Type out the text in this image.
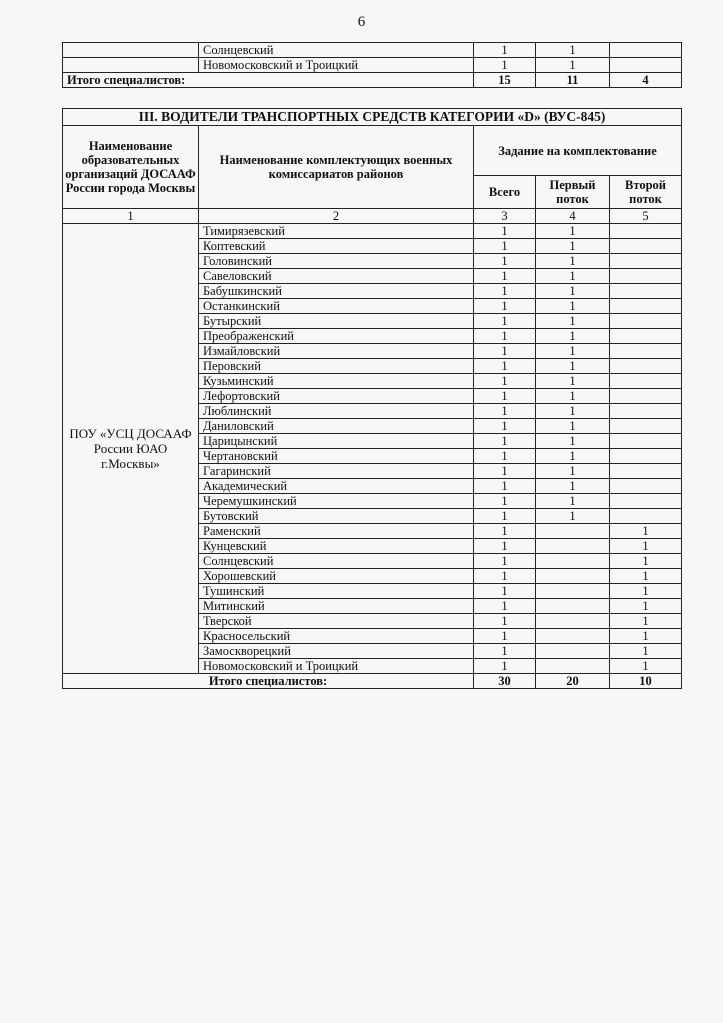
6
	Солнцевский	1	1	
	Новомосковский и Троицкий	1	1	
Итого специалистов:		15	11	4
III. ВОДИТЕЛИ ТРАНСПОРТНЫХ СРЕДСТВ КАТЕГОРИИ «D» (ВУС-845)				
Наименование образовательных организаций ДОСААФ России города Москвы	Наименование комплектующих военных комиссариатов районов	Задание на комплектование		
		Всего	Первый поток	Второй поток
1	2	3	4	5
ПОУ «УСЦ ДОСААФ России ЮАО г.Москвы»	Тимирязевский	1	1	
	Коптевский	1	1	
	Головинский	1	1	
	Савеловский	1	1	
	Бабушкинский	1	1	
	Останкинский	1	1	
	Бутырский	1	1	
	Преображенский	1	1	
	Измайловский	1	1	
	Перовский	1	1	
	Кузьминский	1	1	
	Лефортовский	1	1	
	Люблинский	1	1	
	Даниловский	1	1	
	Царицынский	1	1	
	Чертановский	1	1	
	Гагаринский	1	1	
	Академический	1	1	
	Черемушкинский	1	1	
	Бутовский	1	1	
	Раменский	1		1
	Кунцевский	1		1
	Солнцевский	1		1
	Хорошевский	1		1
	Тушинский	1		1
	Митинский	1		1
	Тверской	1		1
	Красносельский	1		1
	Замоскворецкий	1		1
	Новомосковский и Троицкий	1		1
Итого специалистов:		30	20	10
